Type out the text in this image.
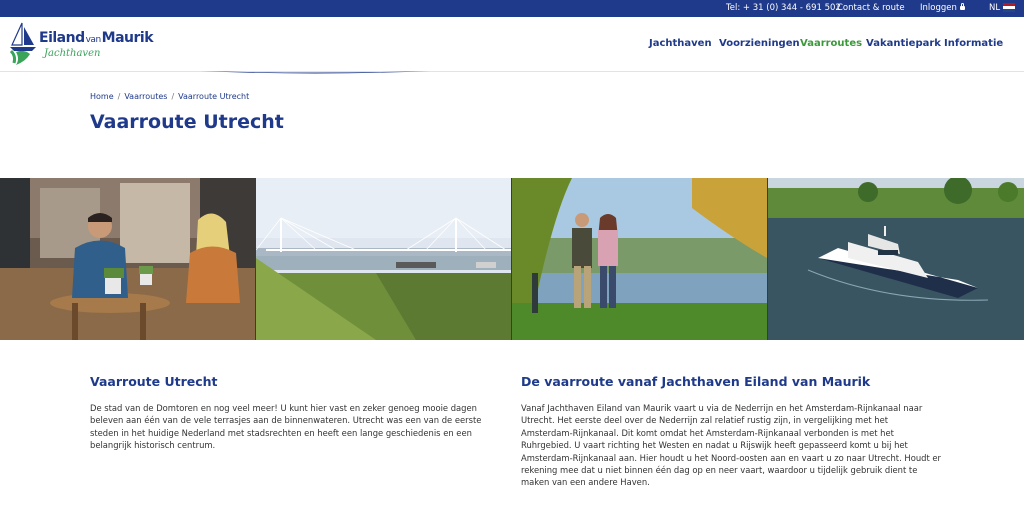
Tel: + 31 (0) 344 - 691 502
Contact & route Inloggen	NL
EilandvanMaurik
Jachthaven
Jachthaven Voorzieningen Vaarroutes Vakantiepark Informatie
Home / Vaarroutes / Vaarroute Utrecht
Vaarroute Utrecht
Vaarroute Utrecht

De stad van de Domtoren en nog veel meer! U kunt hier vast en zeker genoeg mooie dagen beleven aan één van de vele terrasjes aan de binnenwateren. Utrecht was een van de eerste steden in het huidige Nederland met stadsrechten en heeft een lange geschiedenis en een belangrijk historisch centrum.

De vaarroute vanaf Jachthaven Eiland van Maurik

Vanaf Jachthaven Eiland van Maurik vaart u via de Nederrijn en het Amsterdam-Rijnkanaal naar Utrecht. Het eerste deel over de Nederrijn zal relatief rustig zijn, in vergelijking met het Amsterdam-Rijnkanaal. Dit komt omdat het Amsterdam-Rijnkanaal verbonden is met het Ruhrgebied. U vaart richting het Westen en nadat u Rijswijk heeft gepasseerd komt u bij het Amsterdam-Rijnkanaal aan. Hier houdt u het Noord-oosten aan en vaart u zo naar Utrecht. Houdt er rekening mee dat u niet binnen één dag op en neer vaart, waardoor u tijdelijk gebruik dient te maken van een andere Haven.
